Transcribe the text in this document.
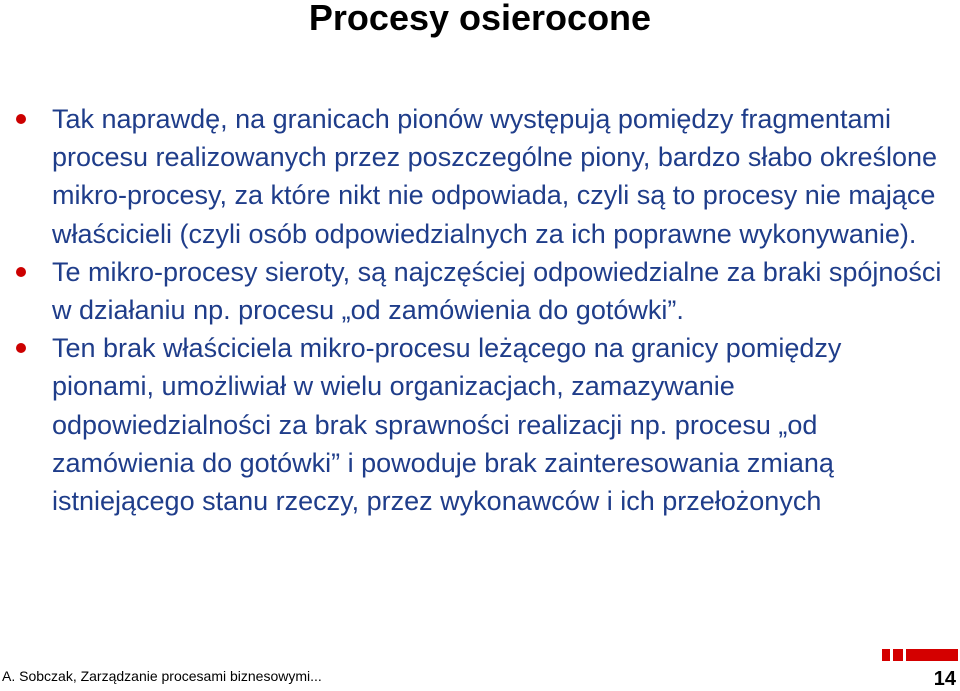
Procesy osierocone
Tak naprawdę, na granicach pionów występują pomiędzy fragmentami procesu realizowanych przez poszczególne piony, bardzo słabo określone mikro-procesy, za które nikt nie odpowiada, czyli są to procesy nie mające właścicieli (czyli osób odpowiedzialnych za ich poprawne wykonywanie).
Te mikro-procesy sieroty, są najczęściej odpowiedzialne za braki spójności w działaniu np. procesu „od zamówienia do gotówki”.
Ten brak właściciela mikro-procesu leżącego na granicy pomiędzy pionami, umożliwiał w wielu organizacjach, zamazywanie odpowiedzialności za brak sprawności realizacji np. procesu „od zamówienia do gotówki” i powoduje brak zainteresowania zmianą istniejącego stanu rzeczy, przez wykonawców i ich przełożonych
A. Sobczak, Zarządzanie procesami biznesowymi...	14
